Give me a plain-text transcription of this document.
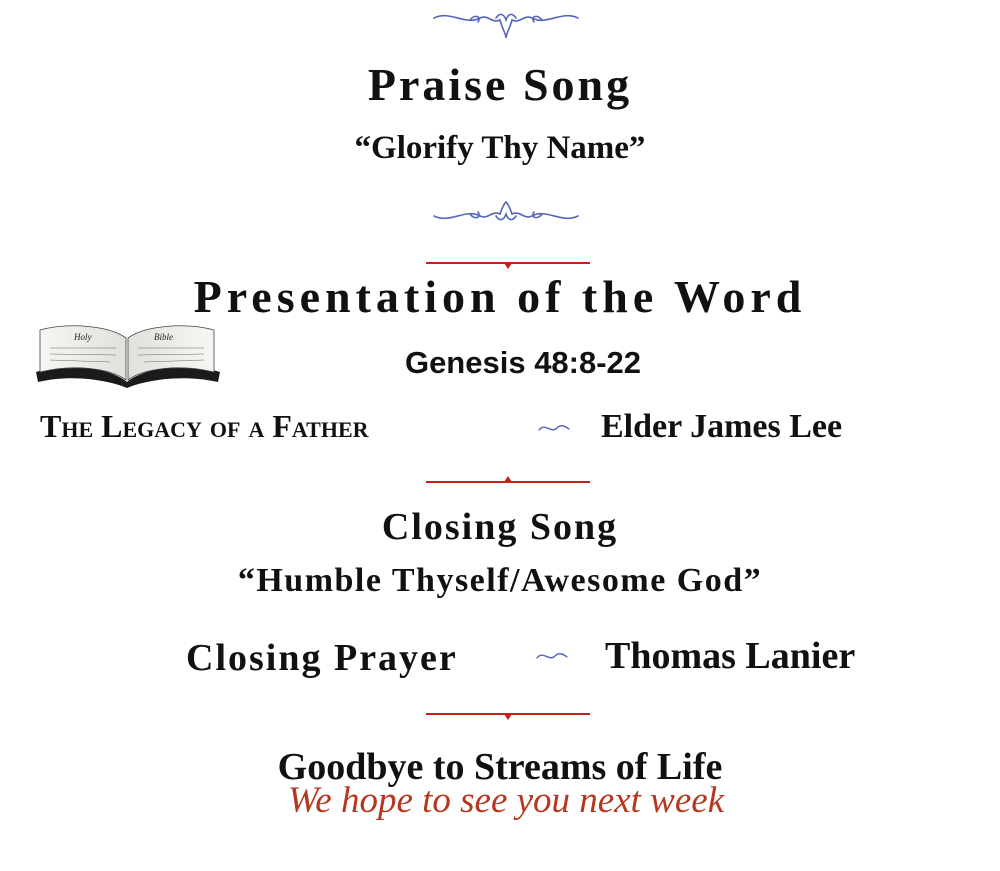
Praise Song
“Glorify Thy Name”
Presentation of the Word
Holy	Bible
Genesis 48:8-22
The Legacy of a Father	Elder James Lee
Closing Song
“Humble Thyself/Awesome God”
Closing Prayer	Thomas Lanier
Goodbye to Streams of Life
We hope to see you next week
